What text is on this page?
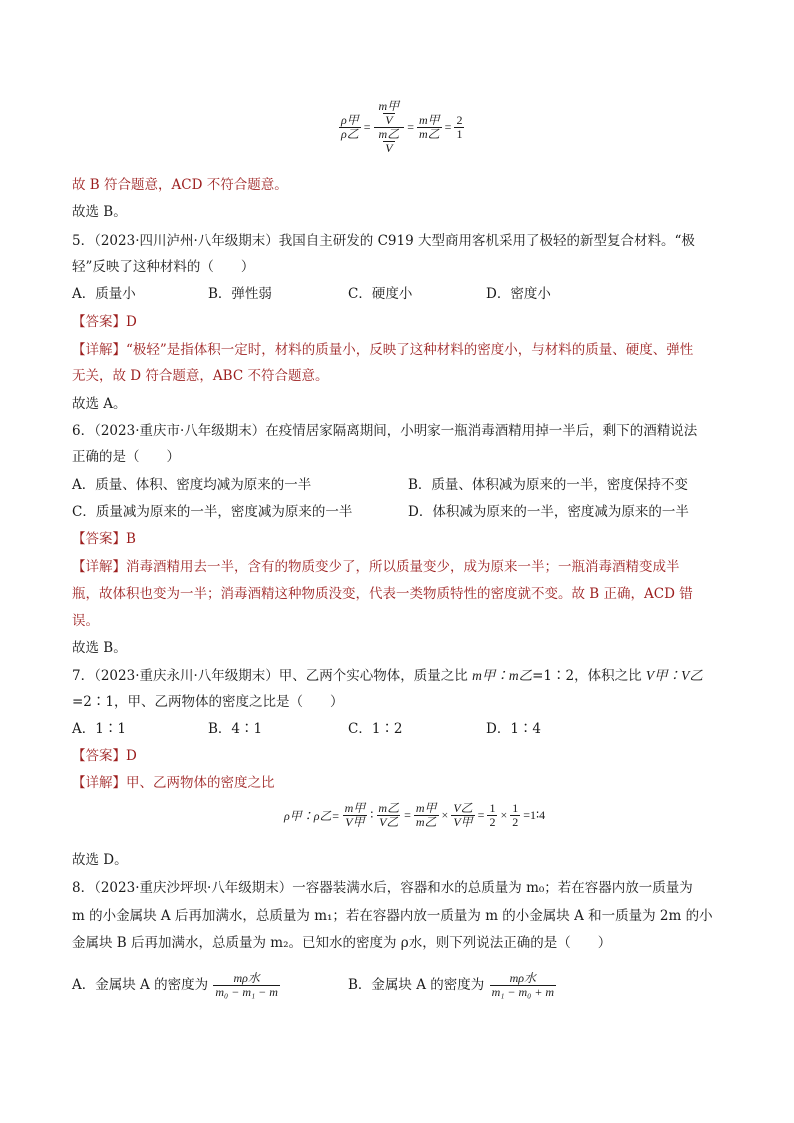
$\frac{\text{ρ甲}}{\text{ρ乙}} = \frac{\frac{\text{m甲}}{V}}{\frac{\text{m乙}}{V}} = \frac{\text{m甲}}{\text{m乙}} = \frac{2}{1}$
故 B 符合题意，ACD 不符合题意。
故选 B。
5．（2023·四川泸州·八年级期末）我国自主研发的 C919 大型商用客机采用了极轻的新型复合材料。“极
轻”反映了这种材料的（　　）
A．质量小	B．弹性弱	C．硬度小	D．密度小
【答案】D
【详解】“极轻”是指体积一定时，材料的质量小，反映了这种材料的密度小，与材料的质量、硬度、弹性
无关，故 D 符合题意，ABC 不符合题意。
故选 A。
6．（2023·重庆市·八年级期末）在疫情居家隔离期间，小明家一瓶消毒酒精用掉一半后，剩下的酒精说法
正确的是（　　）
A．质量、体积、密度均减为原来的一半	B．质量、体积减为原来的一半，密度保持不变
C．质量减为原来的一半，密度减为原来的一半	D．体积减为原来的一半，密度减为原来的一半
【答案】B
【详解】消毒酒精用去一半，含有的物质变少了，所以质量变少，成为原来一半；一瓶消毒酒精变成半
瓶，故体积也变为一半；消毒酒精这种物质没变，代表一类物质特性的密度就不变。故 B 正确，ACD 错
误。
故选 B。
7．（2023·重庆永川·八年级期末）甲、乙两个实心物体，质量之比 m甲∶m乙=1∶2，体积之比 V甲∶V乙
=2∶1，甲、乙两物体的密度之比是（　　）
A．1∶1	B．4∶1	C．1∶2	D．1∶4
【答案】D
【详解】甲、乙两物体的密度之比
ρ甲∶ρ乙= $\frac{\text{m甲}}{\text{V甲}}$ ∶ $\frac{\text{m乙}}{\text{V乙}} = \frac{\text{m甲}}{\text{m乙}} \times \frac{\text{V乙}}{\text{V甲}} = \frac{1}{2} \times \frac{1}{2}$ =1∶4
故选 D。
8．（2023·重庆沙坪坝·八年级期末）一容器装满水后，容器和水的总质量为 m₀；若在容器内放一质量为
m 的小金属块 A 后再加满水，总质量为 m₁；若在容器内放一质量为 m 的小金属块 A 和一质量为 2m 的小
金属块 B 后再加满水，总质量为 m₂。已知水的密度为 ρ水，则下列说法正确的是（　　）
A．金属块 A 的密度为 $\frac{\text{mρ水}}{\text{m₀ − m₁ − m}}$	B．金属块 A 的密度为 $\frac{\text{mρ水}}{\text{m₁ − m₀ + m}}$
